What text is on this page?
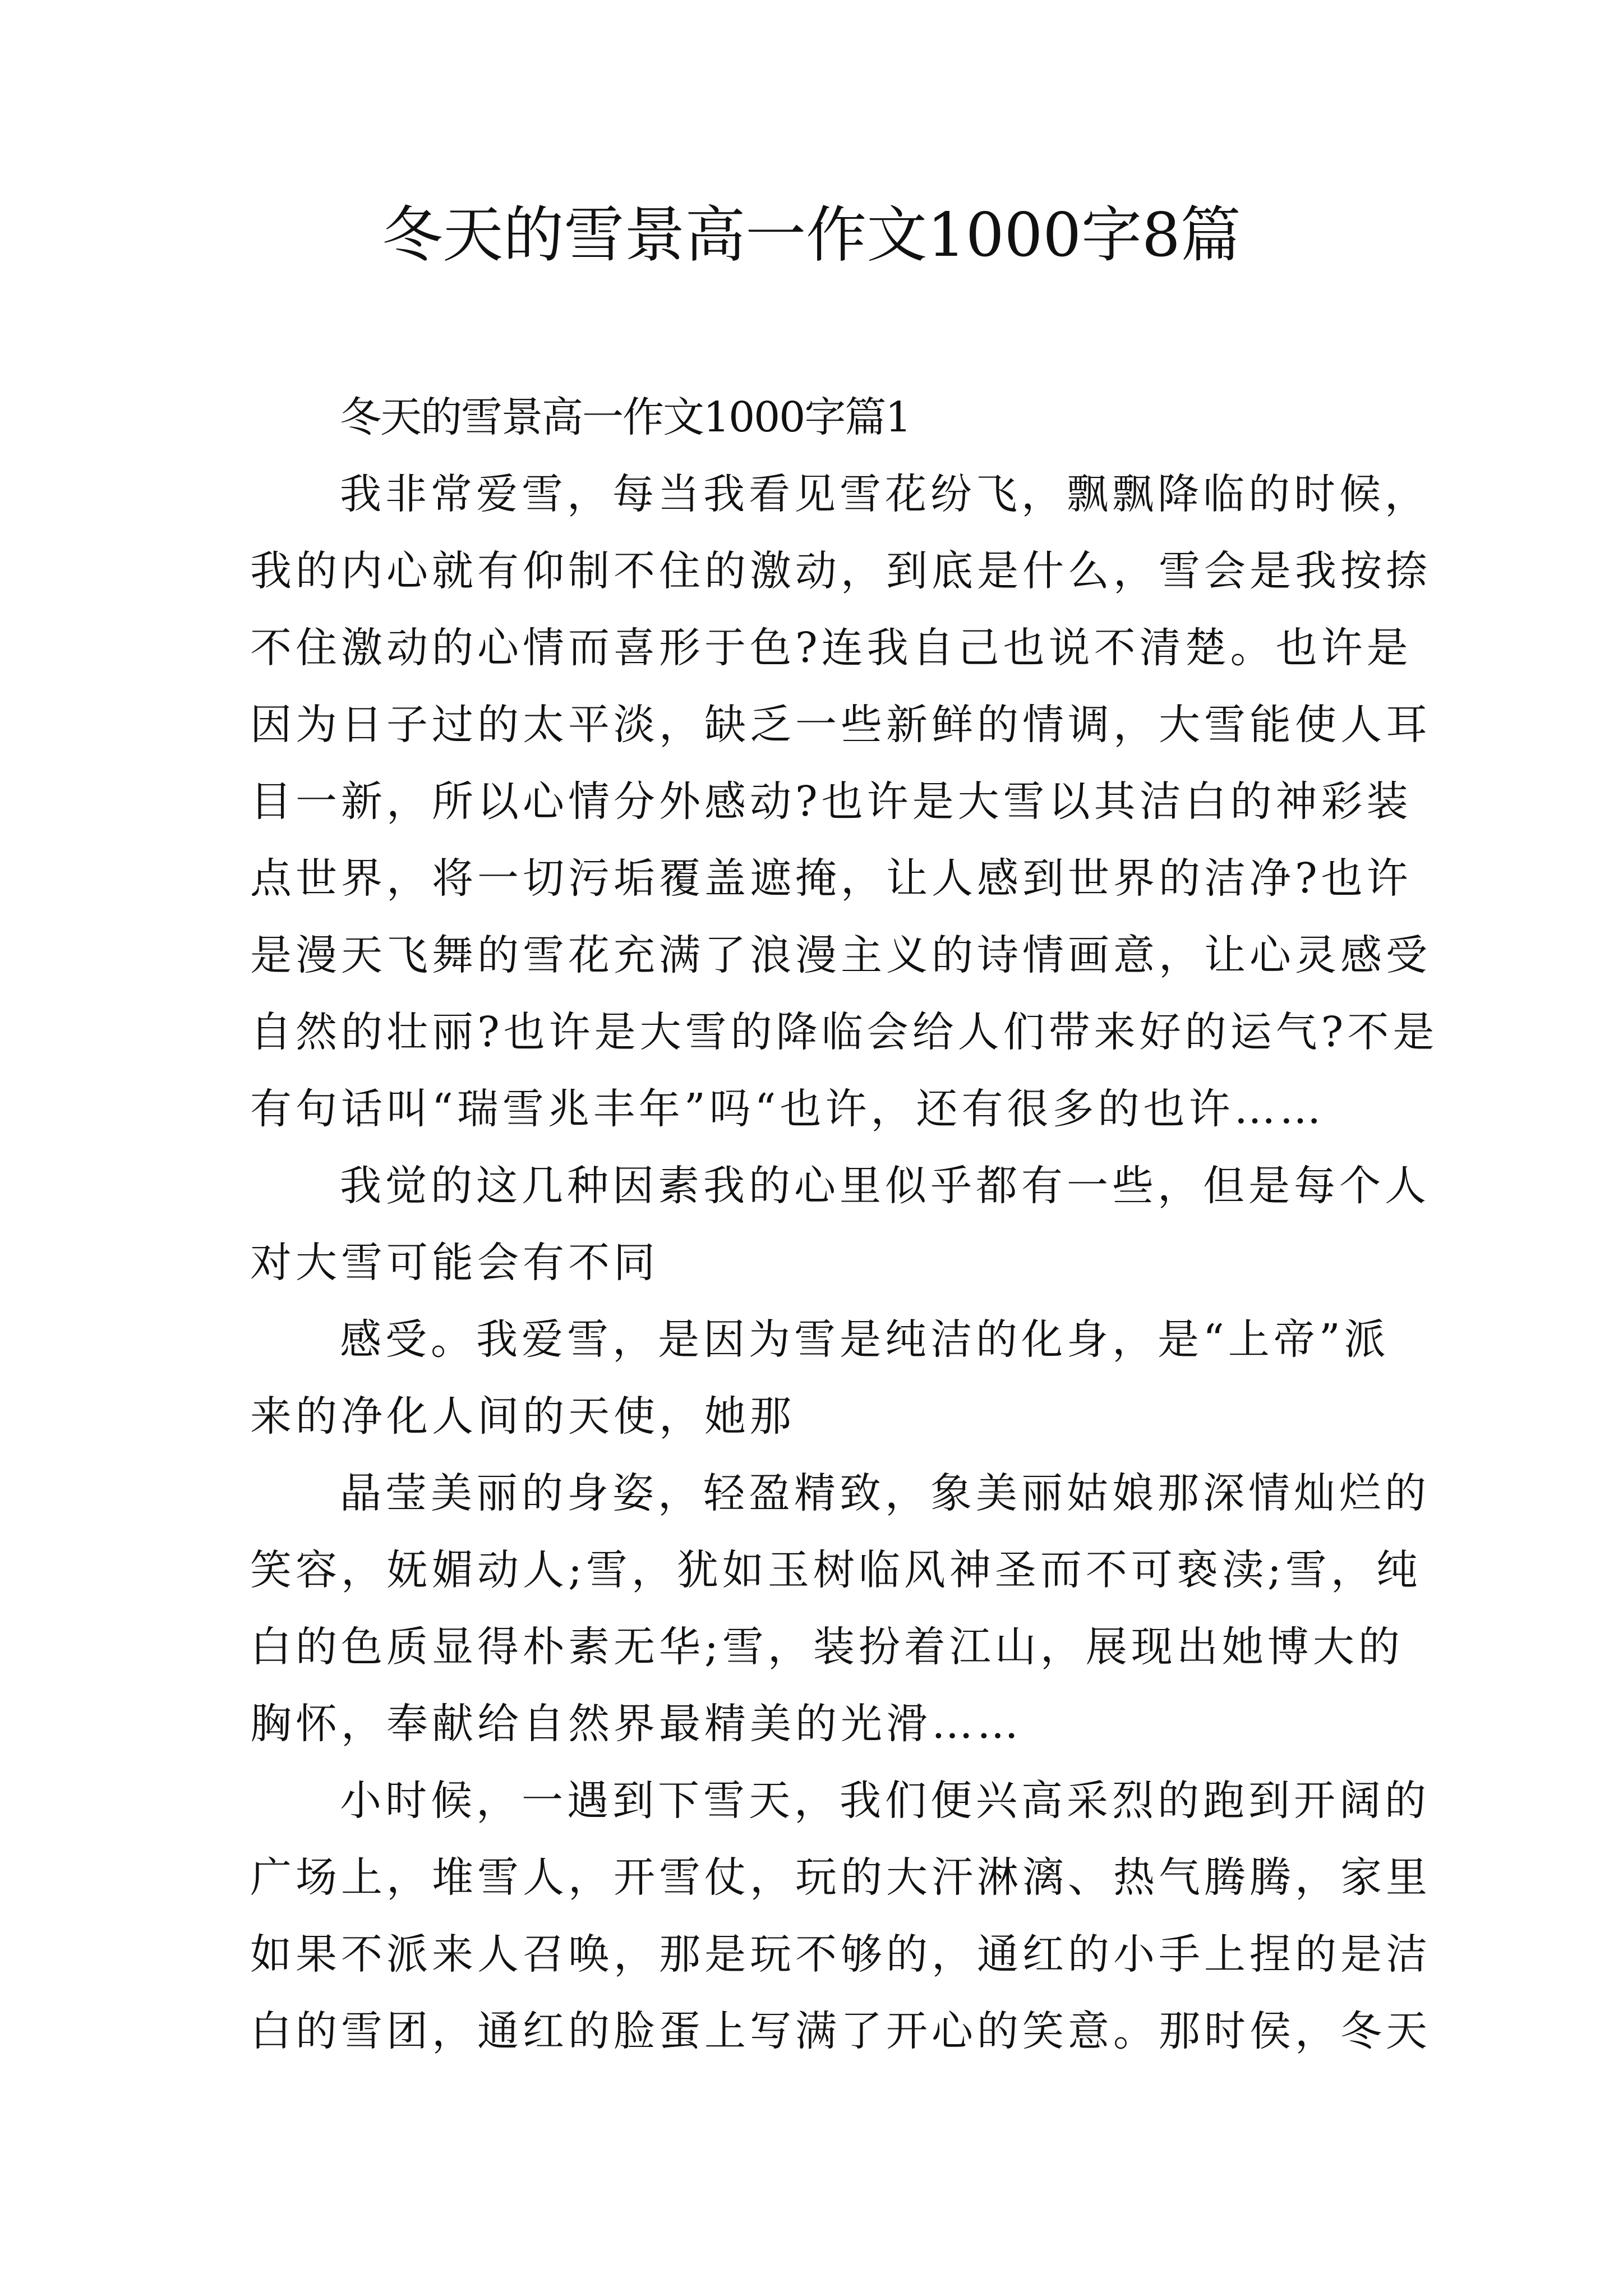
冬天的雪景高一作文1000字8篇

冬天的雪景高一作文1000字篇1

我非常爱雪，每当我看见雪花纷飞，飘飘降临的时候，

我的内心就有仰制不住的激动，到底是什么，雪会是我按捺

不住激动的心情而喜形于色?连我自己也说不清楚。也许是

因为日子过的太平淡，缺乏一些新鲜的情调，大雪能使人耳

目一新，所以心情分外感动?也许是大雪以其洁白的神彩装

点世界，将一切污垢覆盖遮掩，让人感到世界的洁净?也许

是漫天飞舞的雪花充满了浪漫主义的诗情画意，让心灵感受

自然的壮丽?也许是大雪的降临会给人们带来好的运气?不是

有句话叫“瑞雪兆丰年”吗“也许，还有很多的也许……

我觉的这几种因素我的心里似乎都有一些，但是每个人

对大雪可能会有不同

感受。我爱雪，是因为雪是纯洁的化身，是“上帝”派

来的净化人间的天使，她那

晶莹美丽的身姿，轻盈精致，象美丽姑娘那深情灿烂的

笑容，妩媚动人;雪，犹如玉树临风神圣而不可亵渎;雪，纯

白的色质显得朴素无华;雪，装扮着江山，展现出她博大的

胸怀，奉献给自然界最精美的光滑……

小时候，一遇到下雪天，我们便兴高采烈的跑到开阔的

广场上，堆雪人，开雪仗，玩的大汗淋漓、热气腾腾，家里

如果不派来人召唤，那是玩不够的，通红的小手上捏的是洁

白的雪团，通红的脸蛋上写满了开心的笑意。那时侯，冬天
